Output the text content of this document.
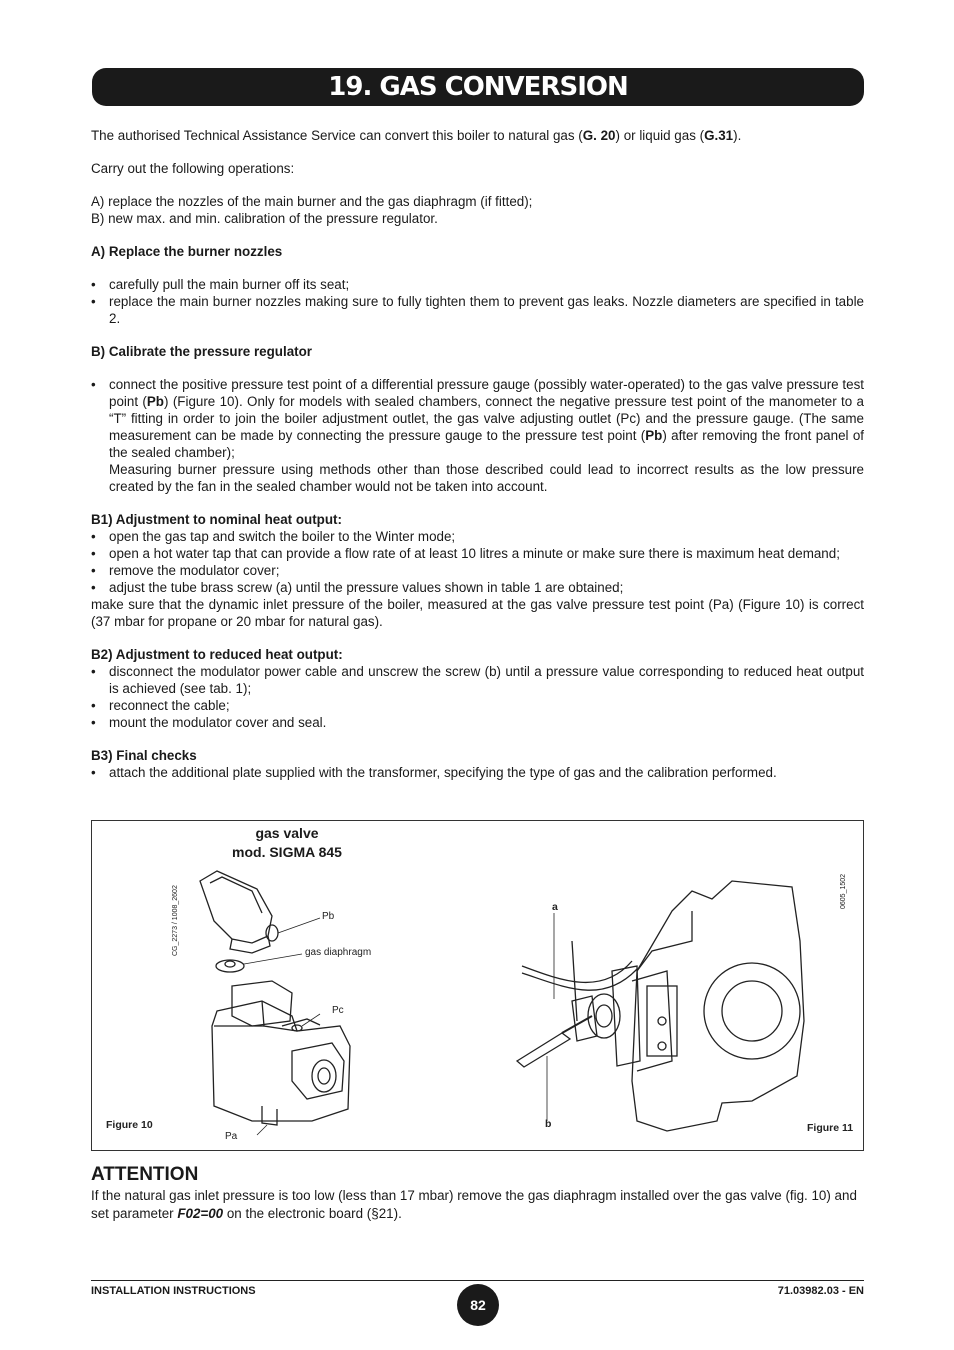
19. GAS CONVERSION

The authorised Technical Assistance Service can convert this boiler to natural gas (G. 20) or liquid gas (G.31).

Carry out the following operations:

A) replace the nozzles of the main burner and the gas diaphragm (if fitted);

B) new max. and min. calibration of the pressure regulator.

A) Replace the burner nozzles

• carefully pull the main burner off its seat;
• replace the main burner nozzles making sure to fully tighten them to prevent gas leaks. Nozzle diameters are specified in table 2.

B) Calibrate the pressure regulator

• connect the positive pressure test point of a differential pressure gauge (possibly water-operated) to the gas valve pressure test point (Pb) (Figure 10). Only for models with sealed chambers, connect the negative pressure test point of the manometer to a “T” fitting in order to join the boiler adjustment outlet, the gas valve adjusting outlet (Pc) and the pressure gauge. (The same measurement can be made by connecting the pressure gauge to the pressure test point (Pb) after removing the front panel of the sealed chamber);
Measuring burner pressure using methods other than those described could lead to incorrect results as the low pressure created by the fan in the sealed chamber would not be taken into account.

B1) Adjustment to nominal heat output:

• open the gas tap and switch the boiler to the Winter mode;
• open a hot water tap that can provide a flow rate of at least 10 litres a minute or make sure there is maximum heat demand;
• remove the modulator cover;
• adjust the tube brass screw (a) until the pressure values shown in table 1 are obtained;

make sure that the dynamic inlet pressure of the boiler, measured at the gas valve pressure test point (Pa) (Figure 10) is correct (37 mbar for propane or 20 mbar for natural gas).

B2) Adjustment to reduced heat output:

• disconnect the modulator power cable and unscrew the screw (b) until a pressure value corresponding to reduced heat output is achieved (see tab. 1);
• reconnect the cable;
• mount the modulator cover and seal.

B3) Final checks

• attach the additional plate supplied with the transformer, specifying the type of gas and the calibration performed.
gas valve
mod. SIGMA 845
CG_2273 / 1008_2602	0605_1502
Pb
gas diaphragm
Pc
Pa
a
b
Figure 10	Figure 11
ATTENTION
If the natural gas inlet pressure is too low (less than 17 mbar) remove the gas diaphragm installed over the gas valve (fig. 10) and set parameter F02=00 on the electronic board (§21).
INSTALLATION INSTRUCTIONS
82
71.03982.03 - EN
